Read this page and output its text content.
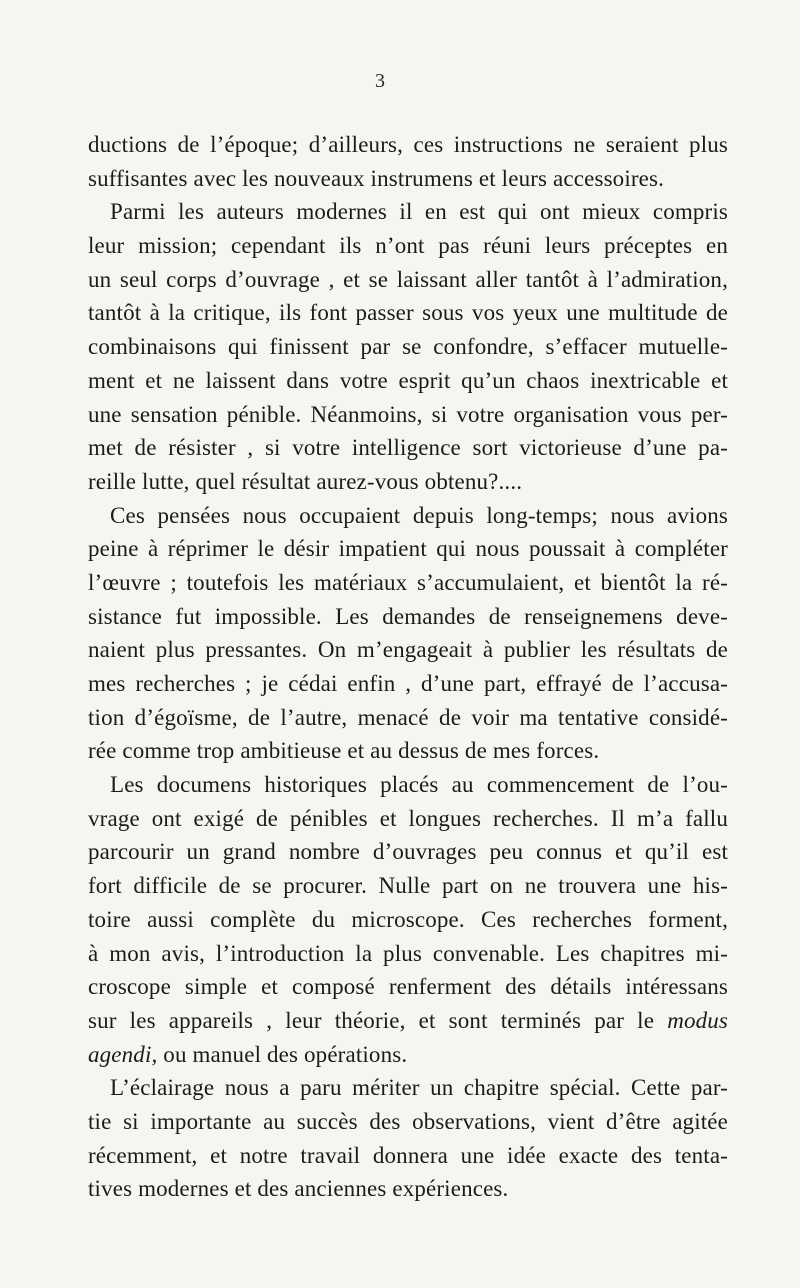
3
ductions de l’époque; d’ailleurs, ces instructions ne seraient plus
suffisantes avec les nouveaux instrumens et leurs accessoires.
Parmi les auteurs modernes il en est qui ont mieux compris
leur mission; cependant ils n’ont pas réuni leurs préceptes en
un seul corps d’ouvrage , et se laissant aller tantôt à l’admiration,
tantôt à la critique, ils font passer sous vos yeux une multitude de
combinaisons qui finissent par se confondre, s’effacer mutuelle-
ment et ne laissent dans votre esprit qu’un chaos inextricable et
une sensation pénible. Néanmoins, si votre organisation vous per-
met de résister , si votre intelligence sort victorieuse d’une pa-
reille lutte, quel résultat aurez-vous obtenu?....
Ces pensées nous occupaient depuis long-temps; nous avions
peine à réprimer le désir impatient qui nous poussait à compléter
l’œuvre ; toutefois les matériaux s’accumulaient, et bientôt la ré-
sistance fut impossible. Les demandes de renseignemens deve-
naient plus pressantes. On m’engageait à publier les résultats de
mes recherches ; je cédai enfin , d’une part, effrayé de l’accusa-
tion d’égoïsme, de l’autre, menacé de voir ma tentative considé-
rée comme trop ambitieuse et au dessus de mes forces.
Les documens historiques placés au commencement de l’ou-
vrage ont exigé de pénibles et longues recherches. Il m’a fallu
parcourir un grand nombre d’ouvrages peu connus et qu’il est
fort difficile de se procurer. Nulle part on ne trouvera une his-
toire aussi complète du microscope. Ces recherches forment,
à mon avis, l’introduction la plus convenable. Les chapitres mi-
croscope simple et composé renferment des détails intéressans
sur les appareils , leur théorie, et sont terminés par le modus
agendi, ou manuel des opérations.
L’éclairage nous a paru mériter un chapitre spécial. Cette par-
tie si importante au succès des observations, vient d’être agitée
récemment, et notre travail donnera une idée exacte des tenta-
tives modernes et des anciennes expériences.
